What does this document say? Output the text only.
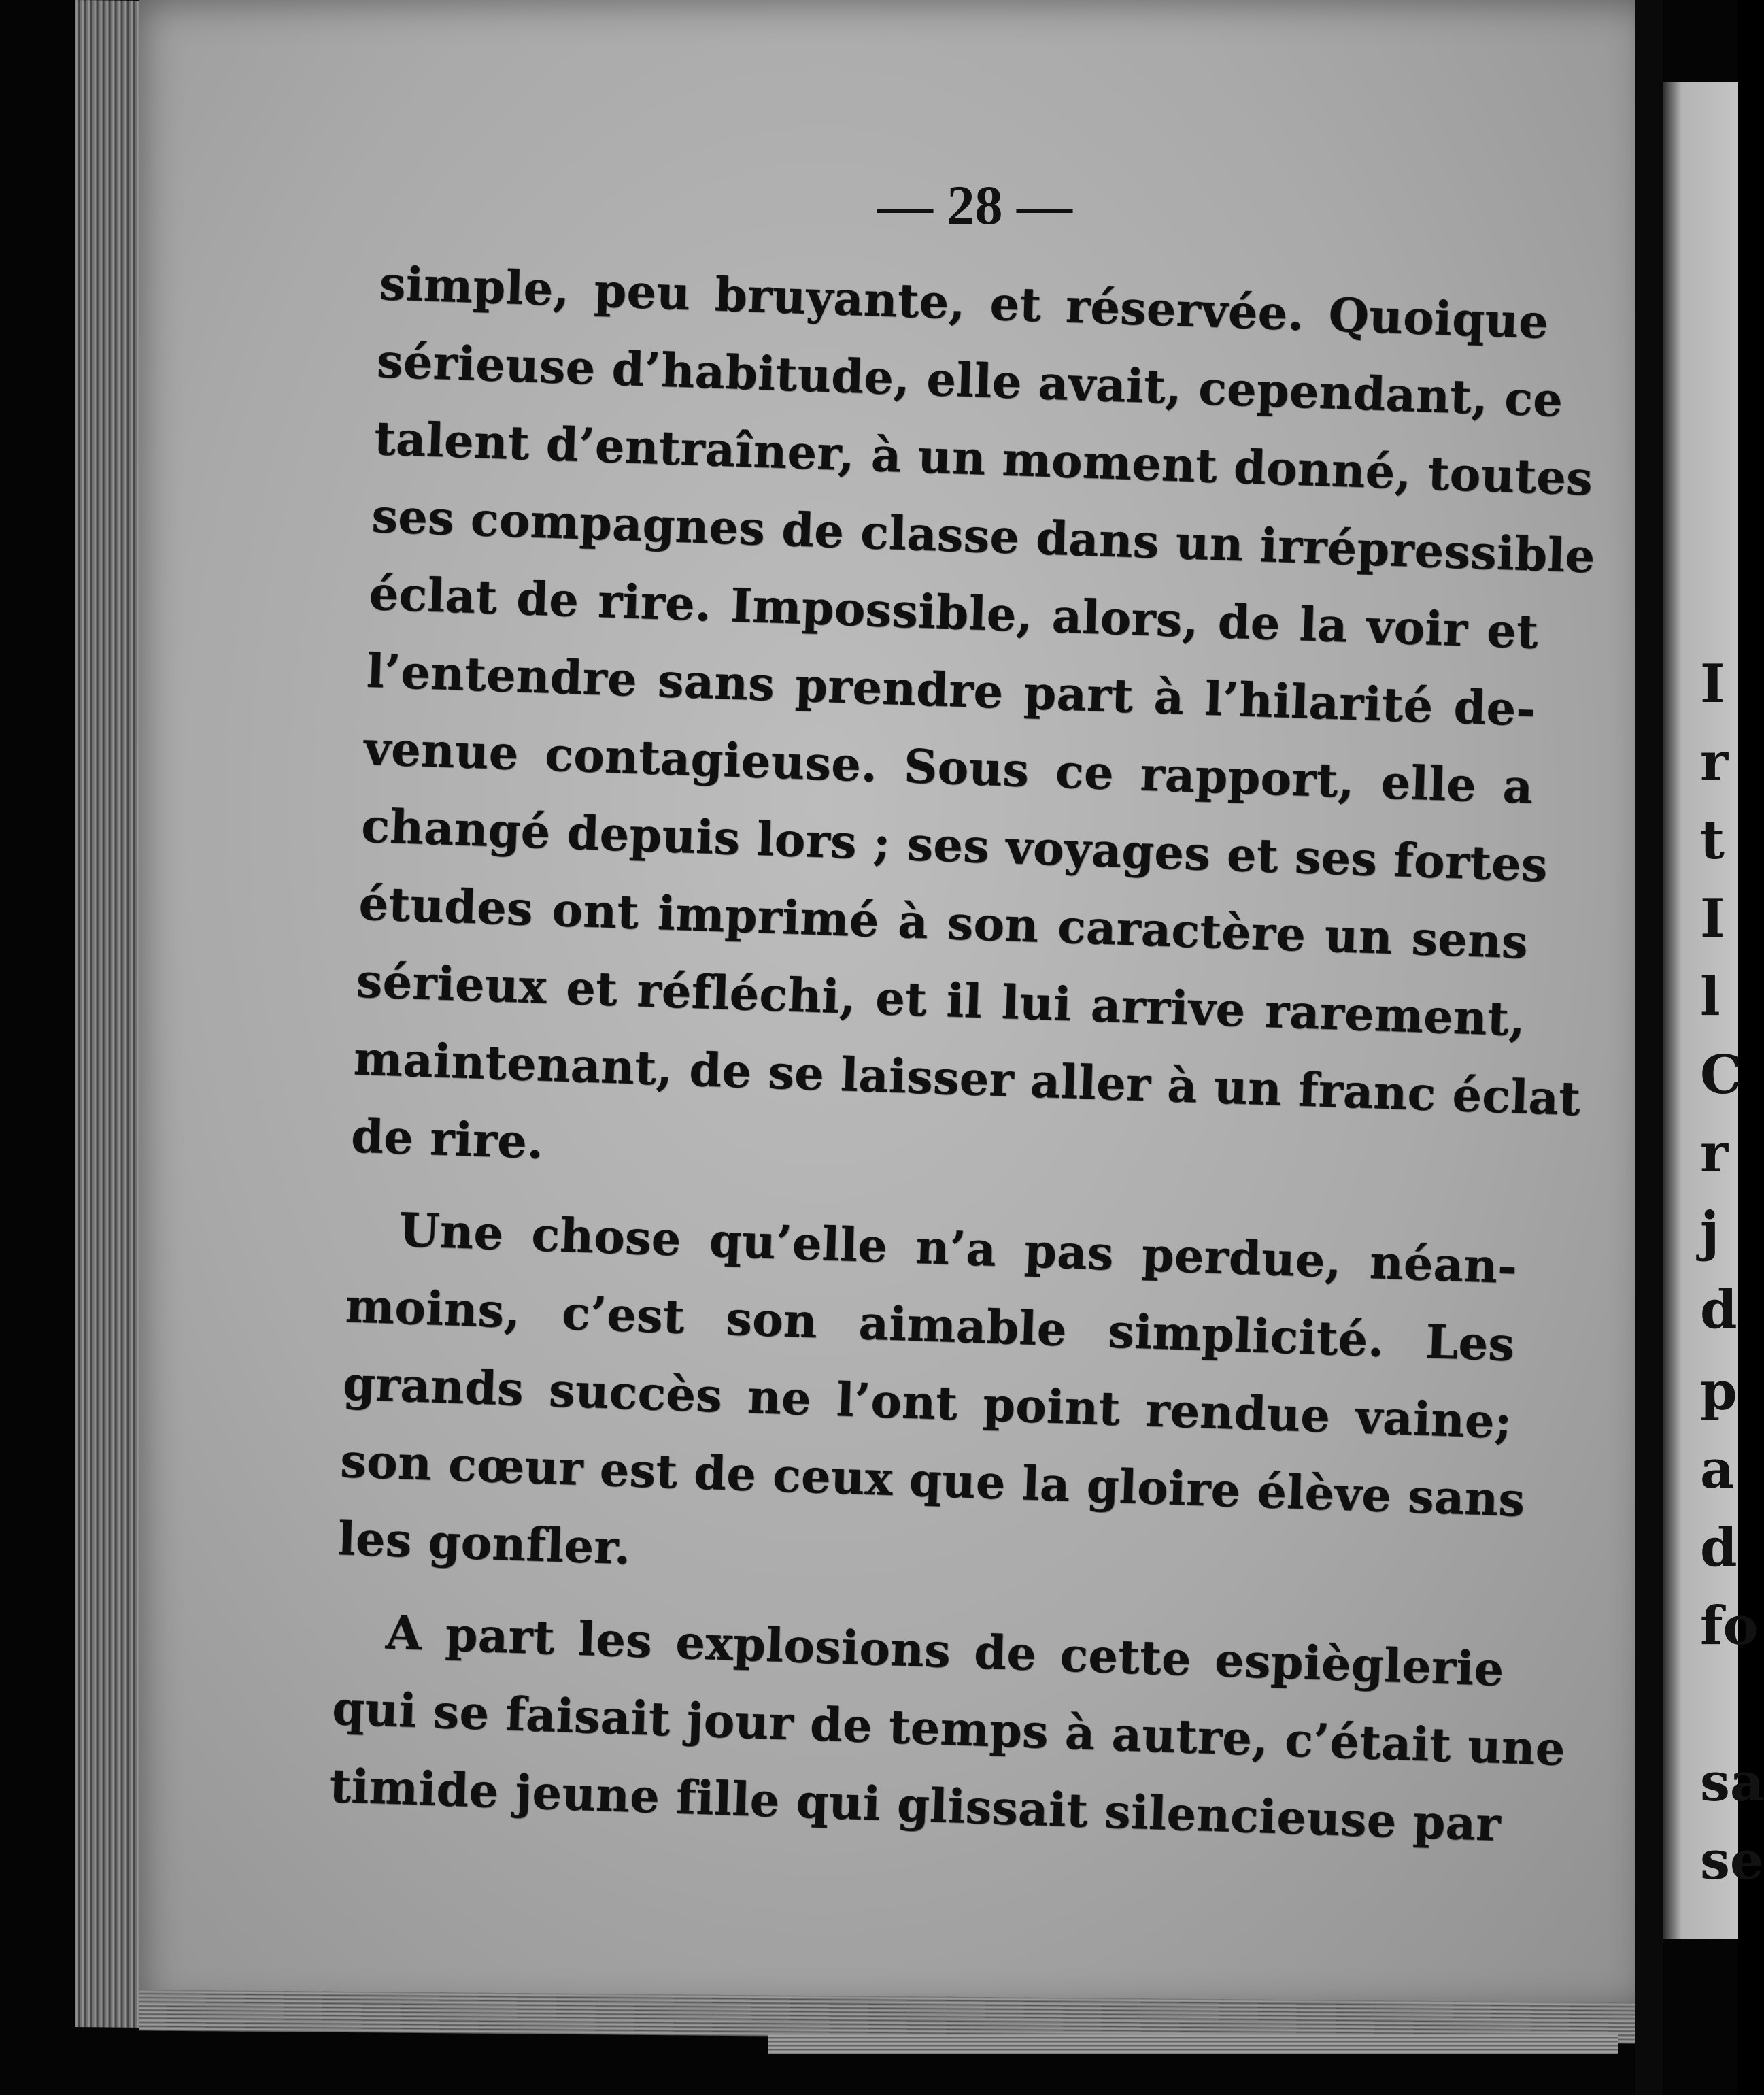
I
r
t
I
l
C
r
j
d
p
a
d
fo
sa
se
— 28 —
simple, peu bruyante, et réservée. Quoique
sérieuse d’habitude, elle avait, cependant, ce
talent d’entraîner, à un moment donné, toutes
ses compagnes de classe dans un irrépressible
éclat de rire. Impossible, alors, de la voir et
l’entendre sans prendre part à l’hilarité de-
venue contagieuse. Sous ce rapport, elle a
changé depuis lors ; ses voyages et ses fortes
études ont imprimé à son caractère un sens
sérieux et réfléchi, et il lui arrive rarement,
maintenant, de se laisser aller à un franc éclat
de rire.
Une chose qu’elle n’a pas perdue, néan-
moins, c’est son aimable simplicité. Les
grands succès ne l’ont point rendue vaine;
son cœur est de ceux que la gloire élève sans
les gonfler.
A part les explosions de cette espièglerie
qui se faisait jour de temps à autre, c’était une
timide jeune fille qui glissait silencieuse par
